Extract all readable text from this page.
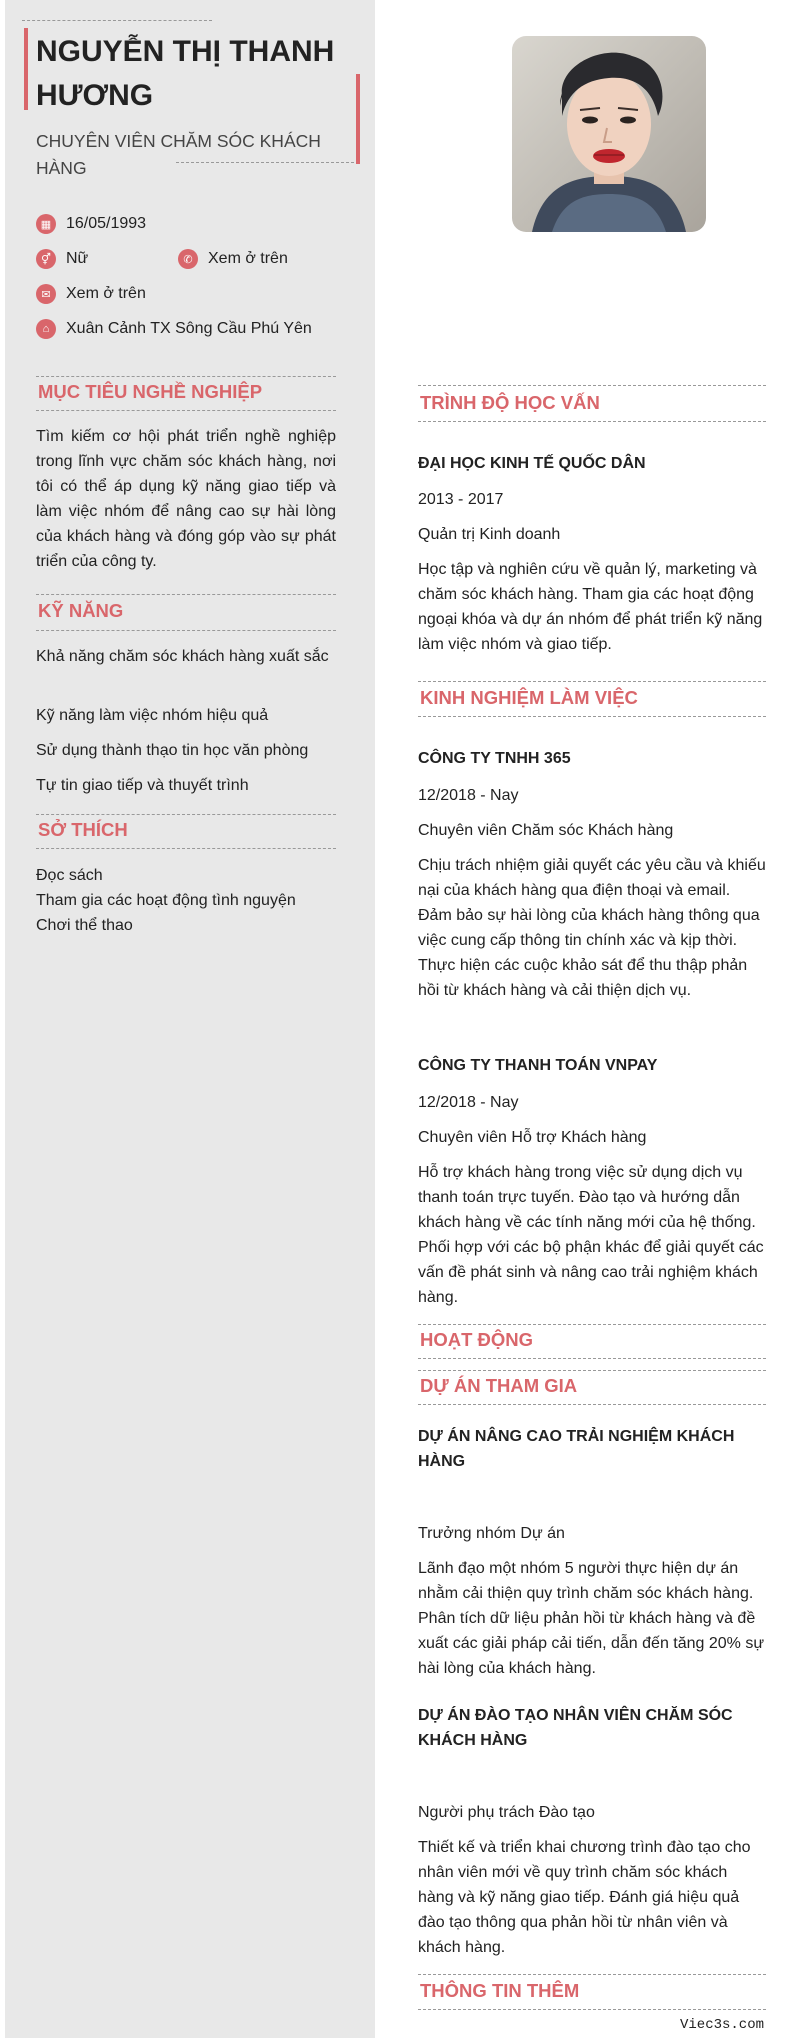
NGUYỄN THỊ THANH HƯƠNG
CHUYÊN VIÊN CHĂM SÓC KHÁCH HÀNG
▦ 16/05/1993
⚥ Nữ	✆ Xem ở trên
✉ Xem ở trên
⌂	Xuân Cảnh TX Sông Cầu Phú Yên
MỤC TIÊU NGHỀ NGHIỆP
Tìm kiếm cơ hội phát triển nghề nghiệp trong lĩnh vực chăm sóc khách hàng, nơi tôi có thể áp dụng kỹ năng giao tiếp và làm việc nhóm để nâng cao sự hài lòng của khách hàng và đóng góp vào sự phát triển của công ty.
KỸ NĂNG
Khả năng chăm sóc khách hàng xuất sắc
Kỹ năng làm việc nhóm hiệu quả
Sử dụng thành thạo tin học văn phòng
Tự tin giao tiếp và thuyết trình
SỞ THÍCH
Đọc sách
Tham gia các hoạt động tình nguyện
Chơi thể thao
TRÌNH ĐỘ HỌC VẤN
ĐẠI HỌC KINH TẾ QUỐC DÂN
2013 - 2017
Quản trị Kinh doanh
Học tập và nghiên cứu về quản lý, marketing và chăm sóc khách hàng. Tham gia các hoạt động ngoại khóa và dự án nhóm để phát triển kỹ năng làm việc nhóm và giao tiếp.
KINH NGHIỆM LÀM VIỆC
CÔNG TY TNHH 365
12/2018 - Nay
Chuyên viên Chăm sóc Khách hàng
Chịu trách nhiệm giải quyết các yêu cầu và khiếu nại của khách hàng qua điện thoại và email. Đảm bảo sự hài lòng của khách hàng thông qua việc cung cấp thông tin chính xác và kịp thời. Thực hiện các cuộc khảo sát để thu thập phản hồi từ khách hàng và cải thiện dịch vụ.
CÔNG TY THANH TOÁN VNPAY
12/2018 - Nay
Chuyên viên Hỗ trợ Khách hàng
Hỗ trợ khách hàng trong việc sử dụng dịch vụ thanh toán trực tuyến. Đào tạo và hướng dẫn khách hàng về các tính năng mới của hệ thống. Phối hợp với các bộ phận khác để giải quyết các vấn đề phát sinh và nâng cao trải nghiệm khách hàng.
HOẠT ĐỘNG
DỰ ÁN THAM GIA
DỰ ÁN NÂNG CAO TRẢI NGHIỆM KHÁCH HÀNG
Trưởng nhóm Dự án
Lãnh đạo một nhóm 5 người thực hiện dự án nhằm cải thiện quy trình chăm sóc khách hàng. Phân tích dữ liệu phản hồi từ khách hàng và đề xuất các giải pháp cải tiến, dẫn đến tăng 20% sự hài lòng của khách hàng.
DỰ ÁN ĐÀO TẠO NHÂN VIÊN CHĂM SÓC KHÁCH HÀNG
Người phụ trách Đào tạo
Thiết kế và triển khai chương trình đào tạo cho nhân viên mới về quy trình chăm sóc khách hàng và kỹ năng giao tiếp. Đánh giá hiệu quả đào tạo thông qua phản hồi từ nhân viên và khách hàng.
THÔNG TIN THÊM
Viec3s.com
